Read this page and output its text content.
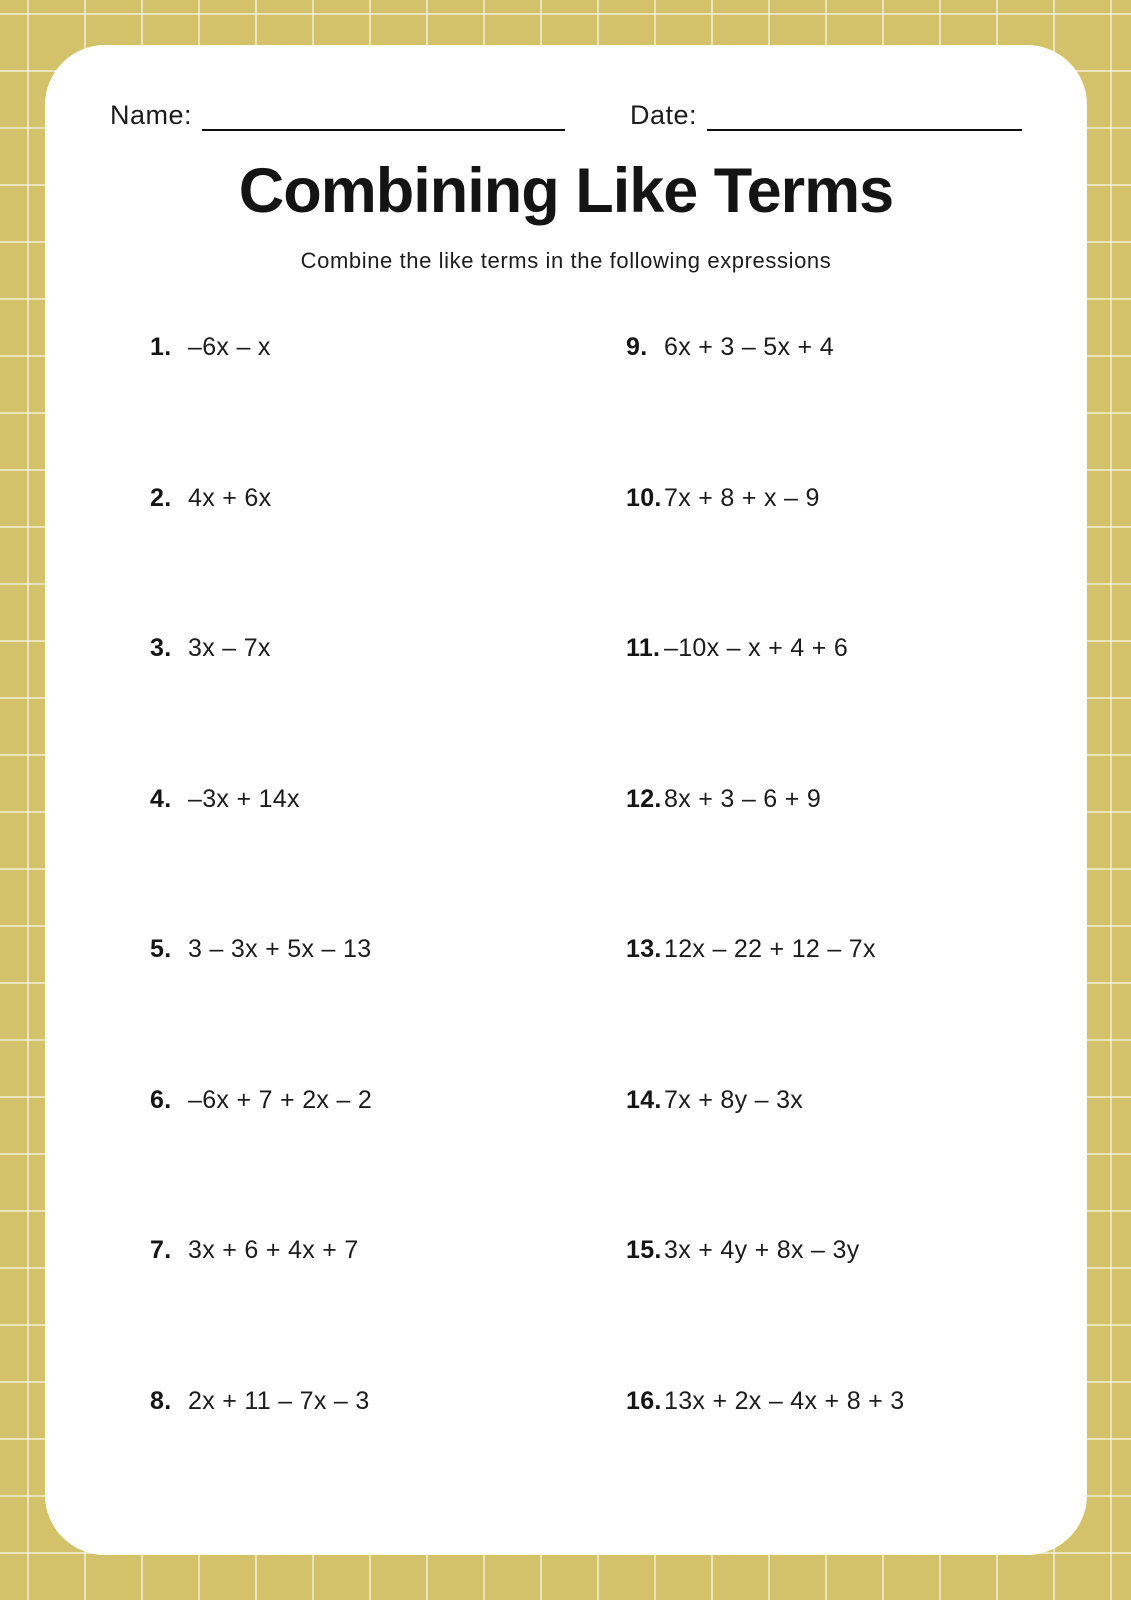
Name:	Date:
Combining Like Terms
Combine the like terms in the following expressions
1. –6x – x
2. 4x + 6x
3. 3x – 7x
4. –3x + 14x
5. 3 – 3x + 5x – 13
6. –6x + 7 + 2x – 2
7. 3x + 6 + 4x + 7
8. 2x + 11 – 7x – 3
9. 6x + 3 – 5x + 4
10. 7x + 8 + x – 9
11. –10x – x + 4 + 6
12. 8x + 3 – 6 + 9
13. 12x – 22 + 12 – 7x
14. 7x + 8y – 3x
15. 3x + 4y + 8x – 3y
16. 13x + 2x – 4x + 8 + 3
